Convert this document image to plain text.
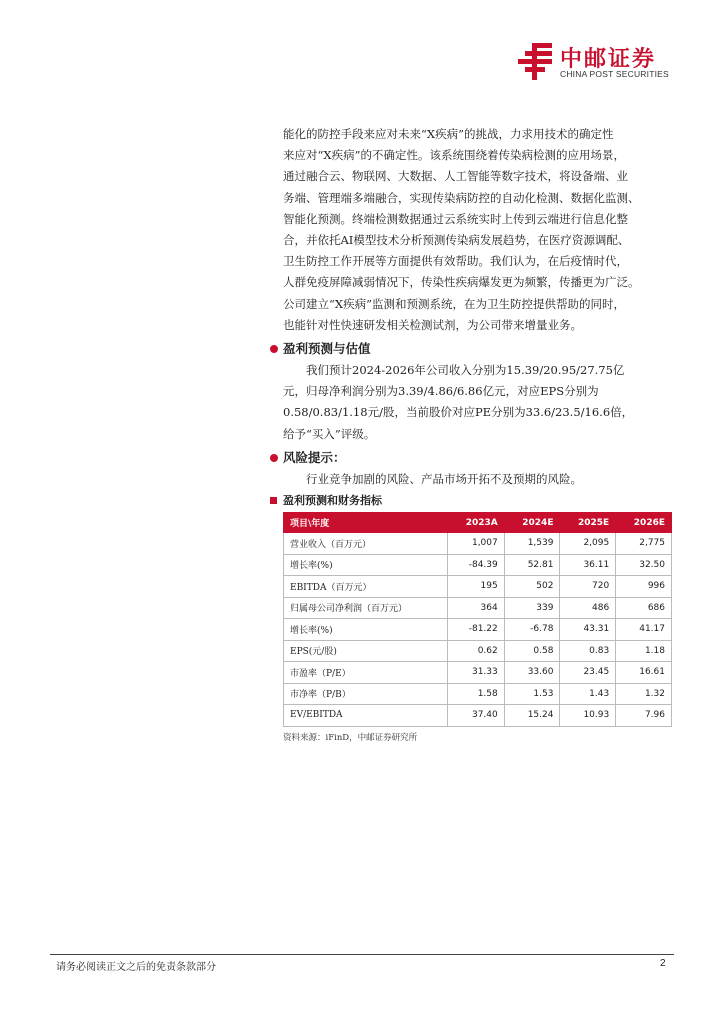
中邮证券
CHINA POST SECURITIES

能化的防控手段来应对未来“X疾病”的挑战，力求用技术的确定性

来应对“X疾病”的不确定性。该系统围绕着传染病检测的应用场景，

通过融合云、物联网、大数据、人工智能等数字技术，将设备端、业

务端、管理端多端融合，实现传染病防控的自动化检测、数据化监测、

智能化预测。终端检测数据通过云系统实时上传到云端进行信息化整

合，并依托AI模型技术分析预测传染病发展趋势，在医疗资源调配、

卫生防控工作开展等方面提供有效帮助。我们认为，在后疫情时代，

人群免疫屏障减弱情况下，传染性疾病爆发更为频繁，传播更为广泛。

公司建立“X疾病”监测和预测系统，在为卫生防控提供帮助的同时，

也能针对性快速研发相关检测试剂，为公司带来增量业务。

盈利预测与估值

我们预计2024-2026年公司收入分别为15.39/20.95/27.75亿

元，归母净利润分别为3.39/4.86/6.86亿元，对应EPS分别为

0.58/0.83/1.18元/股，当前股价对应PE分别为33.6/23.5/16.6倍，

给予“买入”评级。

风险提示：

行业竞争加剧的风险、产品市场开拓不及预期的风险。

盈利预测和财务指标
项目\年度	2023A	2024E	2025E	2026E
营业收入（百万元）	1,007	1,539	2,095	2,775
增长率(%)	-84.39	52.81	36.11	32.50
EBITDA（百万元）	195	502	720	996
归属母公司净利润（百万元）	364	339	486	686
增长率(%)	-81.22	-6.78	43.31	41.17
EPS(元/股)	0.62	0.58	0.83	1.18
市盈率（P/E）	31.33	33.60	23.45	16.61
市净率（P/B）	1.58	1.53	1.43	1.32
EV/EBITDA	37.40	15.24	10.93	7.96
资料来源：iFinD，中邮证券研究所
请务必阅读正文之后的免责条款部分	2
